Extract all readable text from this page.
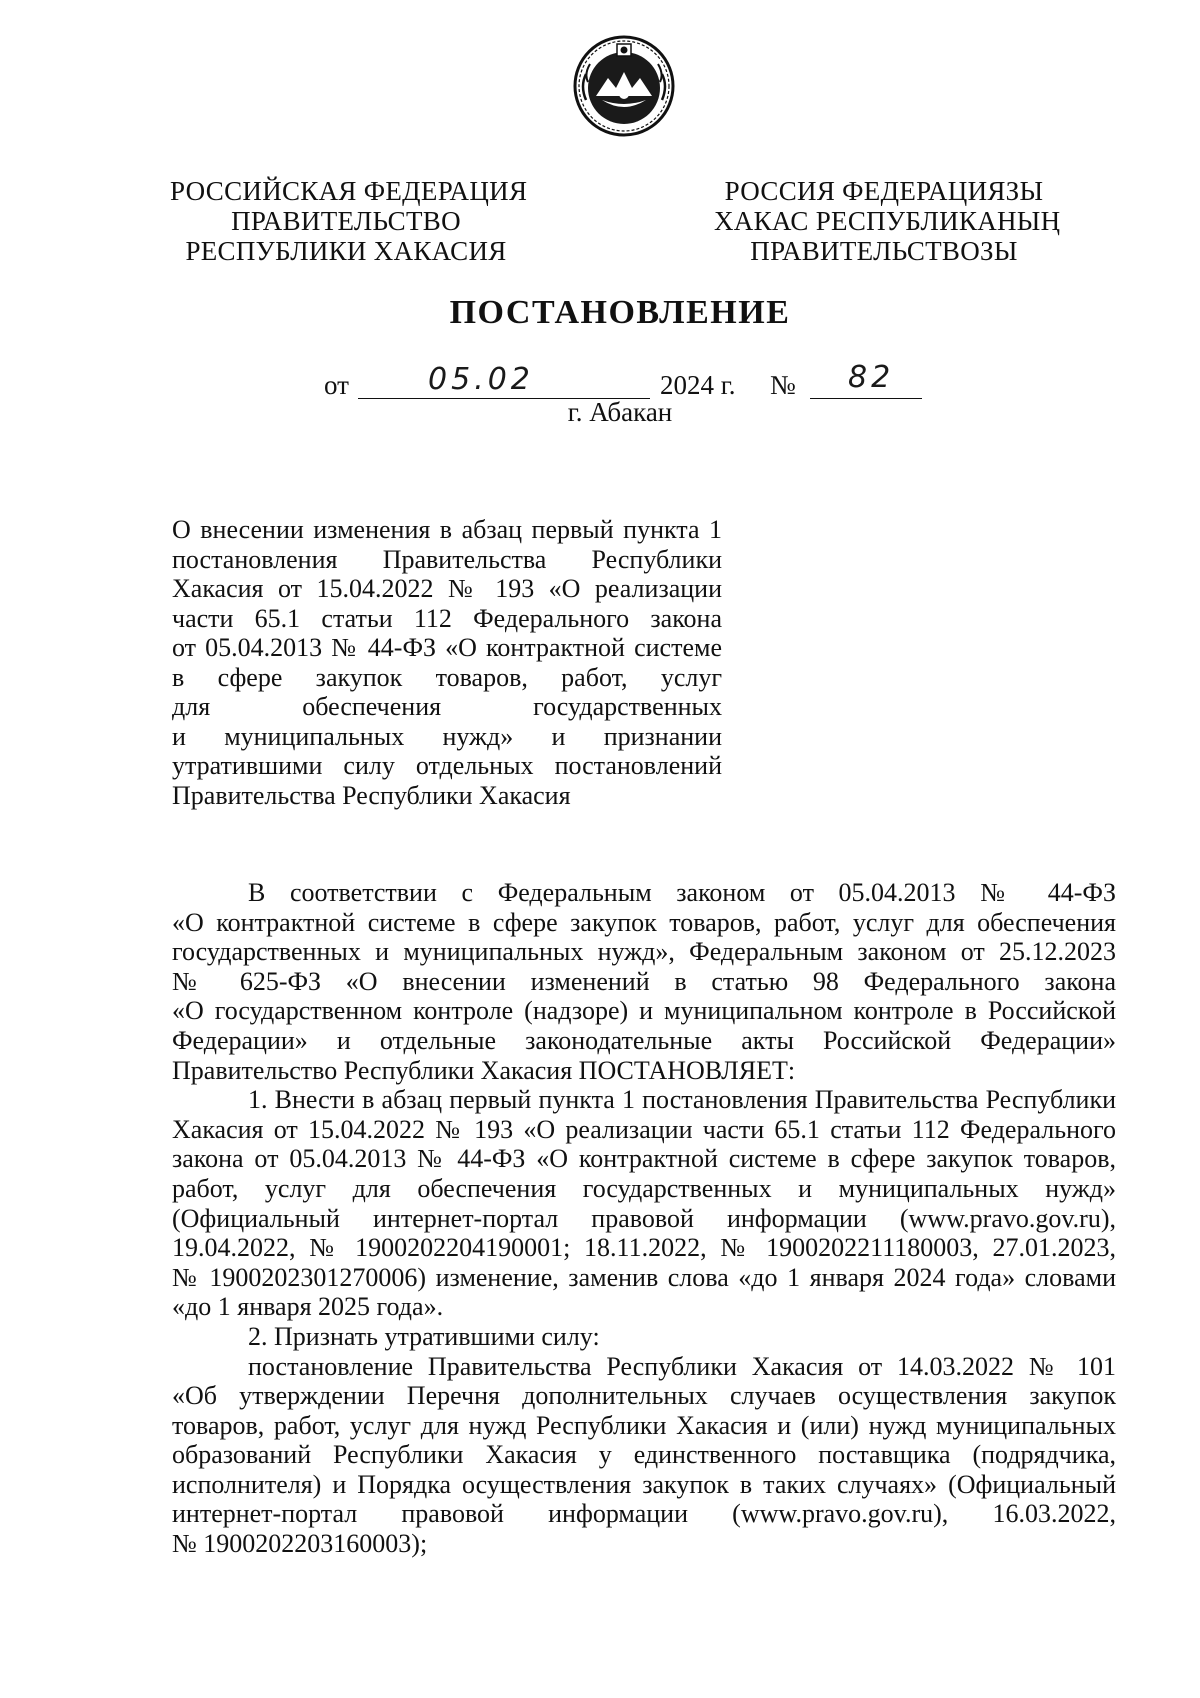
РОССИЙСКАЯ ФЕДЕРАЦИЯ
ПРАВИТЕЛЬСТВО
РЕСПУБЛИКИ ХАКАСИЯ
РОССИЯ ФЕДЕРАЦИЯЗЫ
ХАКАС РЕСПУБЛИКАНЫҢ
ПРАВИТЕЛЬСТВОЗЫ
ПОСТАНОВЛЕНИЕ
от	05.02	2024 г. № 82
г. Абакан
О внесении изменения в абзац первый пункта 1
постановления Правительства Республики
Хакасия от 15.04.2022 № 193 «О реализации
части 65.1 статьи 112 Федерального закона
от 05.04.2013 № 44-ФЗ «О контрактной системе
в сфере закупок товаров, работ, услуг
для обеспечения государственных
и муниципальных нужд» и признании
утратившими силу отдельных постановлений
Правительства Республики Хакасия
В соответствии с Федеральным законом от 05.04.2013 № 44-ФЗ
«О контрактной системе в сфере закупок товаров, работ, услуг для обеспечения
государственных и муниципальных нужд», Федеральным законом от 25.12.2023
№ 625-ФЗ «О внесении изменений в статью 98 Федерального закона
«О государственном контроле (надзоре) и муниципальном контроле в Российской
Федерации» и отдельные законодательные акты Российской Федерации»
Правительство Республики Хакасия ПОСТАНОВЛЯЕТ:
1. Внести в абзац первый пункта 1 постановления Правительства Республики
Хакасия от 15.04.2022 № 193 «О реализации части 65.1 статьи 112 Федерального
закона от 05.04.2013 № 44-ФЗ «О контрактной системе в сфере закупок товаров,
работ, услуг для обеспечения государственных и муниципальных нужд»
(Официальный интернет-портал правовой информации (www.pravo.gov.ru),
19.04.2022, № 1900202204190001; 18.11.2022, № 1900202211180003, 27.01.2023,
№ 1900202301270006) изменение, заменив слова «до 1 января 2024 года» словами
«до 1 января 2025 года».
2. Признать утратившими силу:
постановление Правительства Республики Хакасия от 14.03.2022 № 101
«Об утверждении Перечня дополнительных случаев осуществления закупок
товаров, работ, услуг для нужд Республики Хакасия и (или) нужд муниципальных
образований Республики Хакасия у единственного поставщика (подрядчика,
исполнителя) и Порядка осуществления закупок в таких случаях» (Официальный
интернет-портал правовой информации (www.pravo.gov.ru), 16.03.2022,
№ 1900202203160003);
